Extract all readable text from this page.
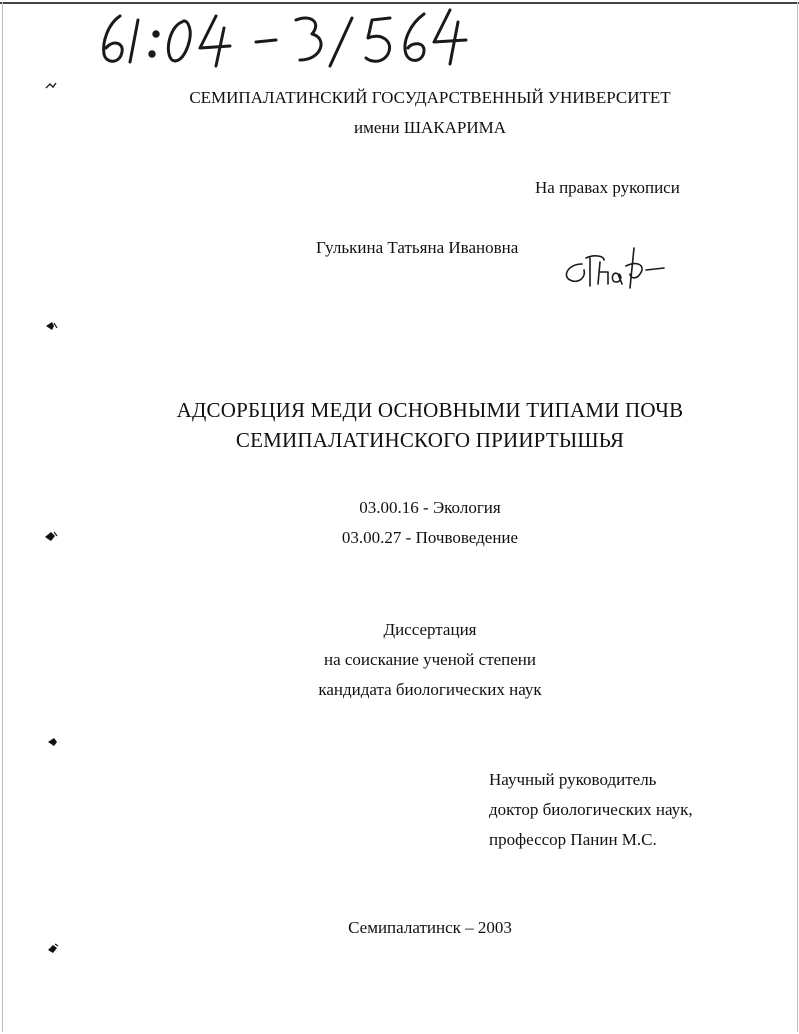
СЕМИПАЛАТИНСКИЙ ГОСУДАРСТВЕННЫЙ УНИВЕРСИТЕТ
имени ШАКАРИМА
На правах рукописи
Гулькина Татьяна Ивановна
АДСОРБЦИЯ МЕДИ ОСНОВНЫМИ ТИПАМИ ПОЧВ
СЕМИПАЛАТИНСКОГО ПРИИРТЫШЬЯ
03.00.16 - Экология
03.00.27 - Почвоведение
Диссертация
на соискание ученой степени
кандидата биологических наук
Научный руководитель
доктор биологических наук,
профессор Панин М.С.
Семипалатинск – 2003
